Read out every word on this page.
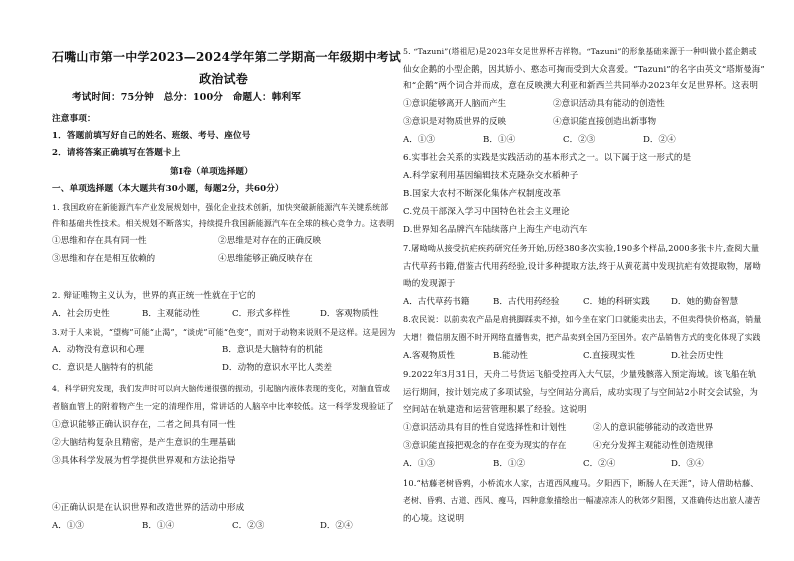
石嘴山市第一中学2023—2024学年第二学期高一年级期中考试
政治试卷
考试时间：75分钟　总分：100分　命题人：韩利军
注意事项：
1．答题前填写好自己的姓名、班级、考号、座位号
2．请将答案正确填写在答题卡上
第Ⅰ卷（单项选择题）
一、单项选择题（本大题共有30小题，每题2分，共60分）
1. 我国政府在新能源汽车产业发展规划中，强化企业技术创新，加快突破新能源汽车关键系统部
件和基础共性技术。相关规划不断落实，持续提升我国新能源汽车在全球的核心竞争力。这表明
①思维和存在具有同一性	②思维是对存在的正确反映
③思维和存在是相互依赖的	④思维能够正确反映存在
2. 辩证唯物主义认为，世界的真正统一性就在于它的
A．社会历史性	B．主观能动性	C．形式多样性	D．客观物质性
3.对于人来说，“望梅”可能“止渴”，“谈虎”可能“色变”，而对于动物来说则不是这样。这是因为
A．动物没有意识和心理	B．意识是大脑特有的机能
C．意识是人脑特有的机能	D．动物的意识水平比人类差
4．科学研究发现，我们发声时可以向大脑传递很强的振动，引起脑内液体表现的变化，对脑血管或
者脑血管上的附着物产生一定的清理作用，常讲话的人脑卒中比率较低。这一科学发现验证了
①意识能够正确认识存在，二者之间具有同一性
②大脑结构复杂且精密，是产生意识的生理基础
③具体科学发展为哲学提供世界观和方法论指导
④正确认识是在认识世界和改造世界的活动中形成
A．①③	B．①④	C．②③	D．②④
5. “Tazuni”(塔祖尼)是2023年女足世界杯吉祥物。“Tazuni”的形象基础来源于一种叫做小蓝企鹅或
仙女企鹅的小型企鹅，因其娇小、憨态可掬而受到大众喜爱。“Tazuni”的名字由英文“塔斯曼海”
和“企鹅”两个词合并而成，意在反映澳大利亚和新西兰共同举办2023年女足世界杯。这表明
①意识能够离开人脑而产生	②意识活动具有能动的创造性
③意识是对物质世界的反映	④意识能直接创造出新事物
A．①③	B．①④	C．②③	D．②④
6.实事社会关系的实践是实践活动的基本形式之一。以下属于这一形式的是
A.科学家利用基因编辑技术克隆杂交水稻种子
B.国家大农村不断深化集体产权制度改革
C.党员干部深入学习中国特色社会主义理论
D.世界知名品牌汽车陆续落户上海生产电动汽车
7.屠呦呦从接受抗疟疾药研究任务开始,历经380多次实验,190多个样品,2000多张卡片,查阅大量
古代草药书籍,借鉴古代用药经验,设计多种提取方法,终于从黄花蒿中发现抗疟有效提取物，屠呦
呦的发现源于
A．古代草药书籍	B．古代用药经验	C．她的科研实践 D．她的勤奋智慧
8.农民说：以前卖农产品是肩挑脚踩卖不掉，如今坐在家门口就能卖出去，不但卖得快价格高，销量
大增！微信朋友圈不时开网络直播售卖，把产品卖到全国乃至国外。农产品销售方式的变化体现了实践
A.客观物质性	B.能动性	C.直接现实性	D.社会历史性
9.2022年3月31日，天舟二号货运飞船受控再入大气层，少量残骸落入预定海域。该飞船在轨
运行期间，按计划完成了多项试验，与空间站分离后，成功实现了与空间站2小时交会试验，为
空间站在轨建造和运营管理积累了经验。这说明
①意识活动具有目的性自觉选择性和计划性	②人的意识能够能动的改造世界
③意识能直接把观念的存在变为现实的存在	④充分发挥主观能动性创造规律
A．①③	B．①②	C．②④	D．③④
10.“枯藤老树昏鸦，小桥流水人家，古道西风瘦马。夕阳西下，断肠人在天涯”，诗人借助枯藤、
老树、昏鸦、古道、西风、瘦马，四种意象描绘出一幅凄凉冻人的秋郊夕阳图，又准确传达出旅人凄苦
的心境。这说明
